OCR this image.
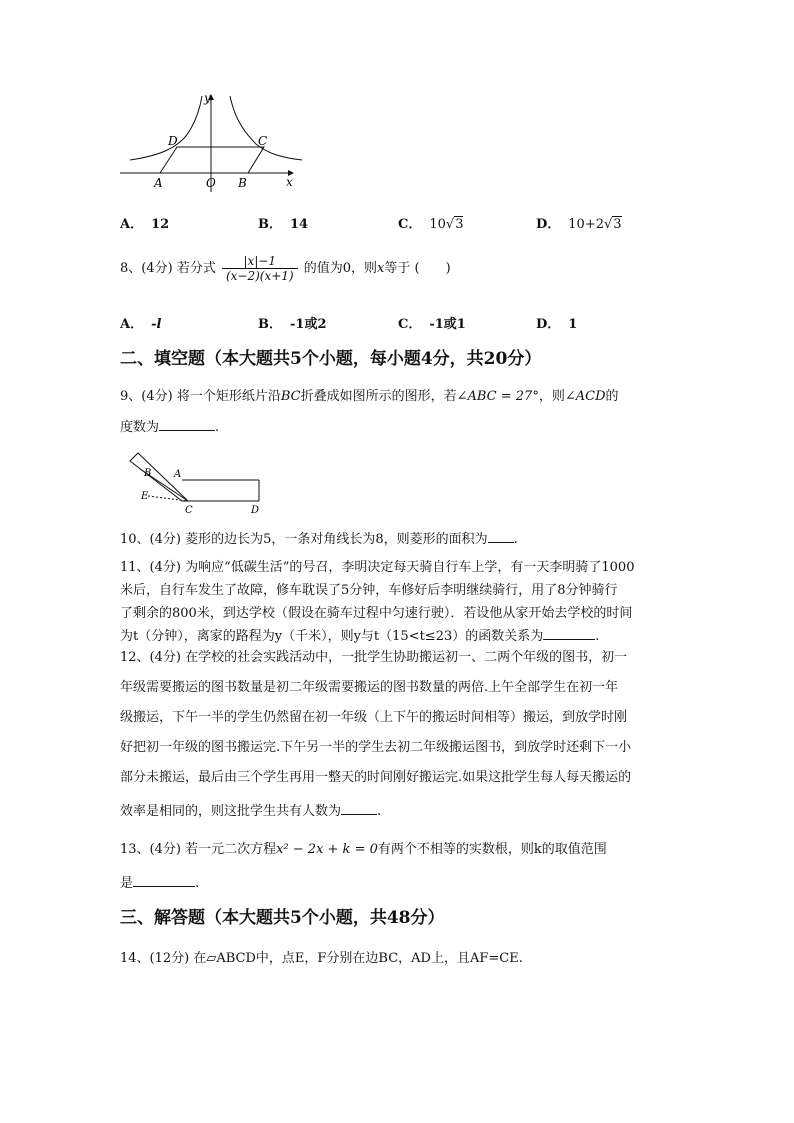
y
x
D	C
A	O B
A． 12	B． 14	C． 10√3	D． 10+2√3
8、(4分) 若分式 $\frac{|x|-1}{(x-2)(x+1)}$ 的值为0，则x等于 (　　)
A． -l	B． -1或2	C． -1或1	D． 1
二、填空题（本大题共5个小题，每小题4分，共20分）
9、(4分) 将一个矩形纸片沿BC折叠成如图所示的图形，若∠ABC = 27°，则∠ACD的
度数为	.
B A
E
C	D
10、(4分) 菱形的边长为5，一条对角线长为8，则菱形的面积为 .
11、(4分) 为响应“低碳生活”的号召，李明决定每天骑自行车上学，有一天李明骑了1000
米后，自行车发生了故障，修车耽误了5分钟，车修好后李明继续骑行，用了8分钟骑行
了剩余的800米，到达学校（假设在骑车过程中匀速行驶）．若设他从家开始去学校的时间
为t（分钟），离家的路程为y（千米），则y与t（15<t≤23）的函数关系为	.
12、(4分) 在学校的社会实践活动中，一批学生协助搬运初一、二两个年级的图书，初一
年级需要搬运的图书数量是初二年级需要搬运的图书数量的两倍.上午全部学生在初一年
级搬运，下午一半的学生仍然留在初一年级（上下午的搬运时间相等）搬运，到放学时刚
好把初一年级的图书搬运完.下午另一半的学生去初二年级搬运图书，到放学时还剩下一小
部分未搬运，最后由三个学生再用一整天的时间刚好搬运完.如果这批学生每人每天搬运的
效率是相同的，则这批学生共有人数为	.
13、(4分) 若一元二次方程x² − 2x + k = 0有两个不相等的实数根，则k的取值范围
是	.
三、解答题（本大题共5个小题，共48分）
14、(12分) 在▱ABCD中，点E，F分别在边BC，AD上，且AF=CE.
